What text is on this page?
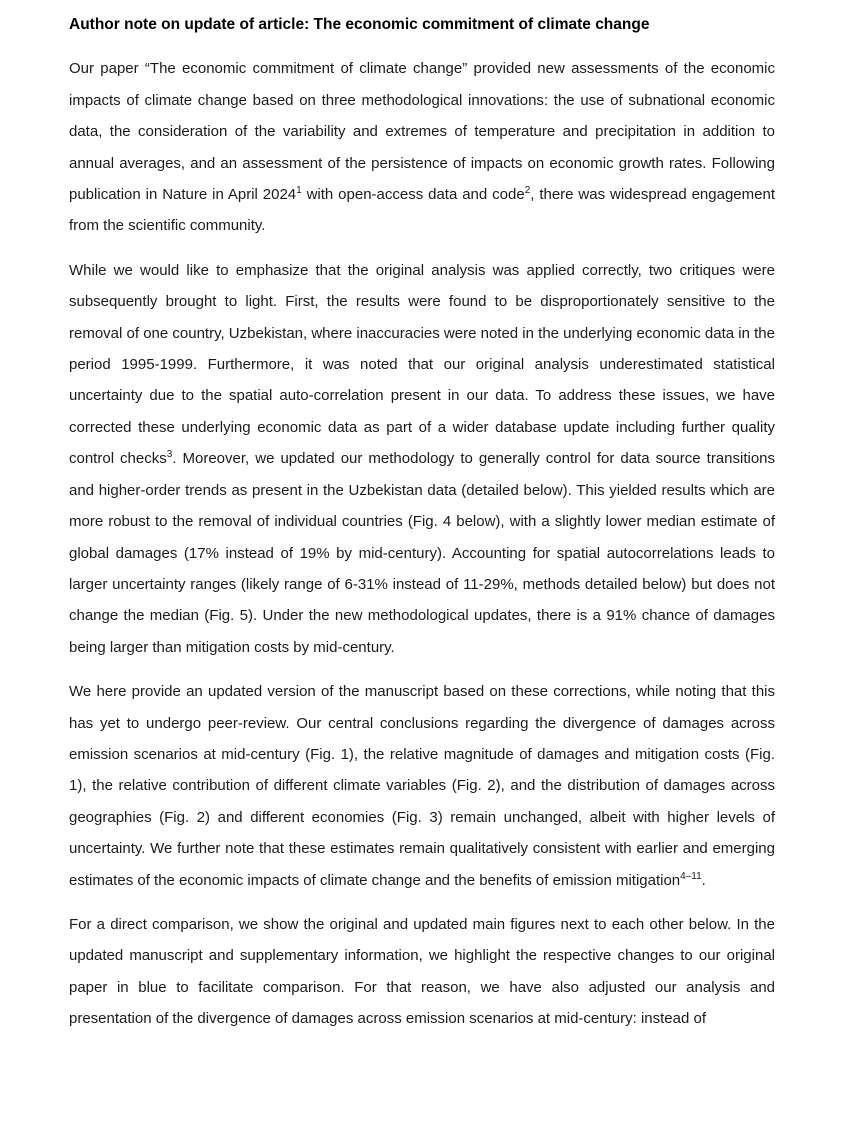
Author note on update of article: The economic commitment of climate change

Our paper “The economic commitment of climate change” provided new assessments of the economic impacts of climate change based on three methodological innovations: the use of subnational economic data, the consideration of the variability and extremes of temperature and precipitation in addition to annual averages, and an assessment of the persistence of impacts on economic growth rates. Following publication in Nature in April 2024$^1$ with open-access data and code$^2$, there was widespread engagement from the scientific community.

While we would like to emphasize that the original analysis was applied correctly, two critiques were subsequently brought to light. First, the results were found to be disproportionately sensitive to the removal of one country, Uzbekistan, where inaccuracies were noted in the underlying economic data in the period 1995-1999. Furthermore, it was noted that our original analysis underestimated statistical uncertainty due to the spatial auto-correlation present in our data. To address these issues, we have corrected these underlying economic data as part of a wider database update including further quality control checks$^3$. Moreover, we updated our methodology to generally control for data source transitions and higher-order trends as present in the Uzbekistan data (detailed below). This yielded results which are more robust to the removal of individual countries (Fig. 4 below), with a slightly lower median estimate of global damages (17% instead of 19% by mid-century). Accounting for spatial autocorrelations leads to larger uncertainty ranges (likely range of 6-31% instead of 11-29%, methods detailed below) but does not change the median (Fig. 5). Under the new methodological updates, there is a 91% chance of damages being larger than mitigation costs by mid-century.

We here provide an updated version of the manuscript based on these corrections, while noting that this has yet to undergo peer-review. Our central conclusions regarding the divergence of damages across emission scenarios at mid-century (Fig. 1), the relative magnitude of damages and mitigation costs (Fig. 1), the relative contribution of different climate variables (Fig. 2), and the distribution of damages across geographies (Fig. 2) and different economies (Fig. 3) remain unchanged, albeit with higher levels of uncertainty. We further note that these estimates remain qualitatively consistent with earlier and emerging estimates of the economic impacts of climate change and the benefits of emission mitigation$^{4-11}$.

For a direct comparison, we show the original and updated main figures next to each other below. In the updated manuscript and supplementary information, we highlight the respective changes to our original paper in blue to facilitate comparison. For that reason, we have also adjusted our analysis and presentation of the divergence of damages across emission scenarios at mid-century: instead of
